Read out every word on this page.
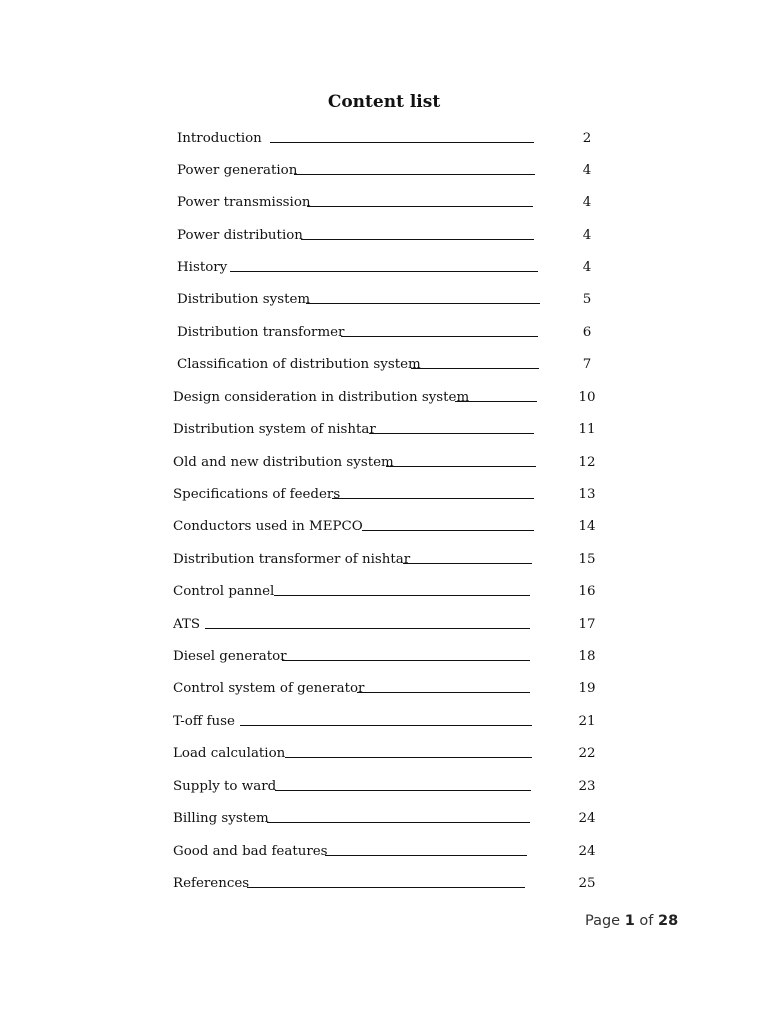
Content list
Introduction	2
Power generation	4
Power transmission	4
Power distribution	4
History	4
Distribution system	5
Distribution transformer	6
Classification of distribution system	7
Design consideration in distribution system	10
Distribution system of nishtar	11
Old and new distribution system	12
Specifications of feeders	13
Conductors used in MEPCO	14
Distribution transformer of nishtar	15
Control pannel	16
ATS	17
Diesel generator	18
Control system of generator	19
T-off fuse	21
Load calculation	22
Supply to ward	23
Billing system	24
Good and bad features	24
References	25
Page 1 of 28
